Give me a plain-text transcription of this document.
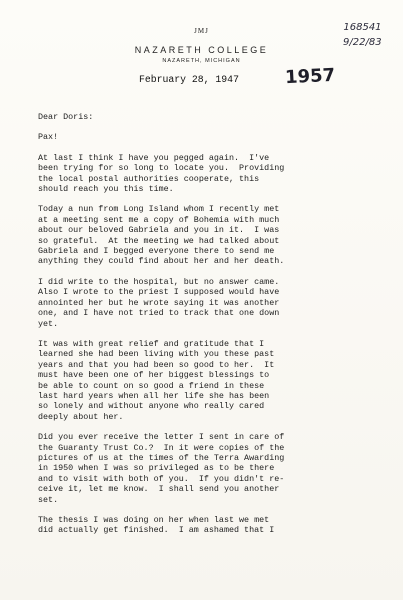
JMJ
NAZARETH COLLEGE
NAZARETH, MICHIGAN
168541
9/22/83
February 28, 1947	1957
Dear Doris:
Pax!
At last I think I have you pegged again.  I've
been trying for so long to locate you.  Providing
the local postal authorities cooperate, this
should reach you this time.
Today a nun from Long Island whom I recently met
at a meeting sent me a copy of Bohemia with much
about our beloved Gabriela and you in it.  I was
so grateful.  At the meeting we had talked about
Gabriela and I begged everyone there to send me
anything they could find about her and her death.
I did write to the hospital, but no answer came.
Also I wrote to the priest I supposed would have
annointed her but he wrote saying it was another
one, and I have not tried to track that one down
yet.
It was with great relief and gratitude that I
learned she had been living with you these past
years and that you had been so good to her.  It
must have been one of her biggest blessings to
be able to count on so good a friend in these
last hard years when all her life she has been
so lonely and without anyone who really cared
deeply about her.
Did you ever receive the letter I sent in care of
the Guaranty Trust Co.?  In it were copies of the
pictures of us at the times of the Terra Awarding
in 1950 when I was so privileged as to be there
and to visit with both of you.  If you didn't re-
ceive it, let me know.  I shall send you another
set.
The thesis I was doing on her when last we met
did actually get finished.  I am ashamed that I
